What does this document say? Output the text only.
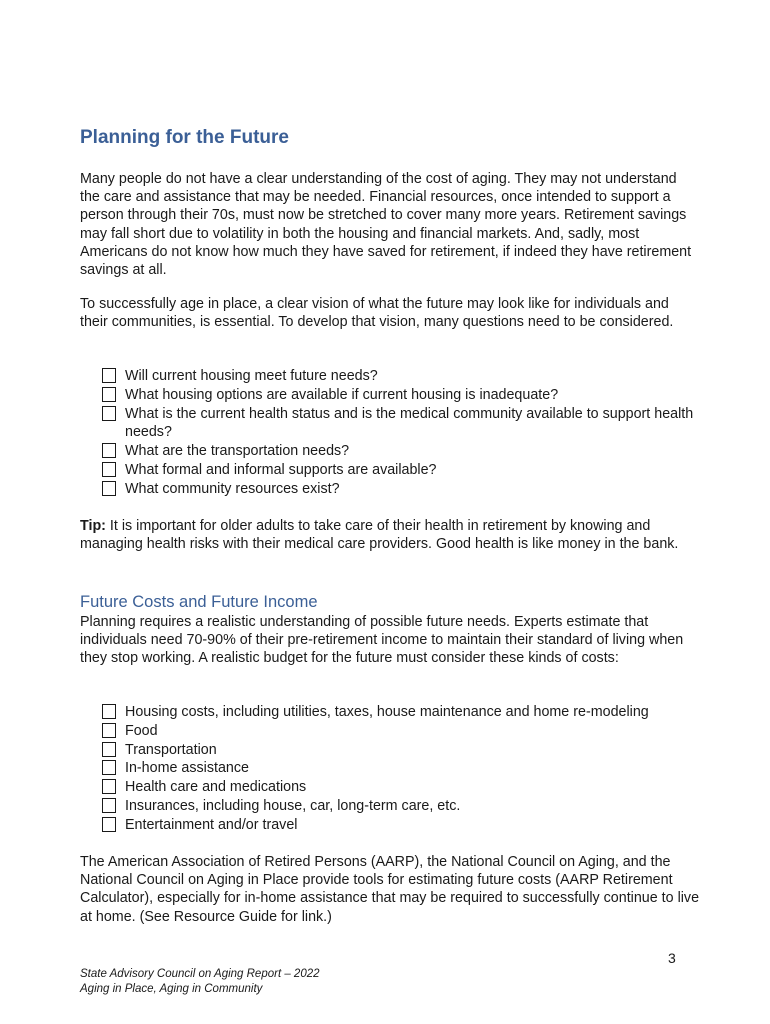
Planning for the Future

Many people do not have a clear understanding of the cost of aging. They may not understand the care and assistance that may be needed. Financial resources, once intended to support a person through their 70s, must now be stretched to cover many more years. Retirement savings may fall short due to volatility in both the housing and financial markets. And, sadly, most Americans do not know how much they have saved for retirement, if indeed they have retirement savings at all.

To successfully age in place, a clear vision of what the future may look like for individuals and their communities, is essential. To develop that vision, many questions need to be considered.

Will current housing meet future needs?
What housing options are available if current housing is inadequate?
What is the current health status and is the medical community available to support health needs?
What are the transportation needs?
What formal and informal supports are available?
What community resources exist?

Tip: It is important for older adults to take care of their health in retirement by knowing and managing health risks with their medical care providers. Good health is like money in the bank.

Future Costs and Future Income

Planning requires a realistic understanding of possible future needs. Experts estimate that individuals need 70-90% of their pre-retirement income to maintain their standard of living when they stop working. A realistic budget for the future must consider these kinds of costs:

Housing costs, including utilities, taxes, house maintenance and home re-modeling
Food
Transportation
In-home assistance
Health care and medications
Insurances, including house, car, long-term care, etc.
Entertainment and/or travel

The American Association of Retired Persons (AARP), the National Council on Aging, and the National Council on Aging in Place provide tools for estimating future costs (AARP Retirement Calculator), especially for in-home assistance that may be required to successfully continue to live at home. (See Resource Guide for link.)

3
State Advisory Council on Aging Report – 2022
Aging in Place, Aging in Community
